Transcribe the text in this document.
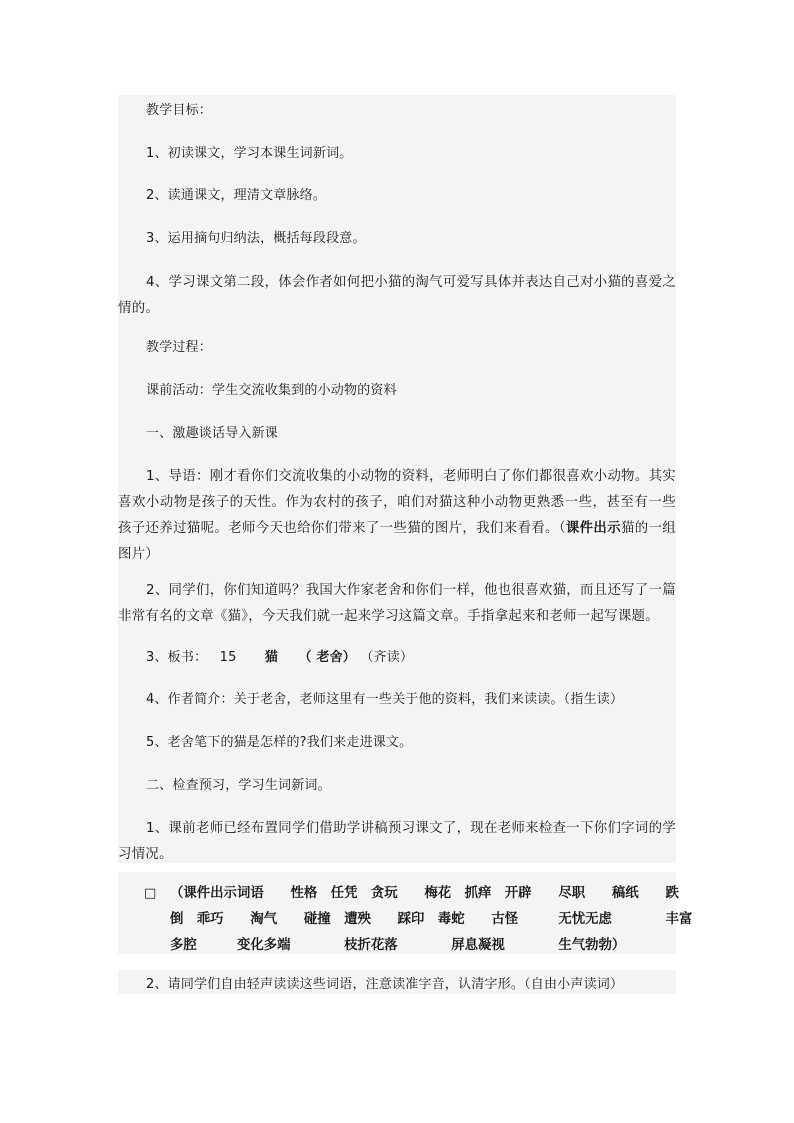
教学目标：
1、初读课文，学习本课生词新词。
2、读通课文，理清文章脉络。
3、运用摘句归纳法，概括每段段意。
4、学习课文第二段，体会作者如何把小猫的淘气可爱写具体并表达自己对小猫的喜爱之情的。
教学过程：
课前活动：学生交流收集到的小动物的资料
一、激趣谈话导入新课
1、导语：刚才看你们交流收集的小动物的资料，老师明白了你们都很喜欢小动物。其实喜欢小动物是孩子的天性。作为农村的孩子，咱们对猫这种小动物更熟悉一些，甚至有一些孩子还养过猫呢。老师今天也给你们带来了一些猫的图片，我们来看看。（课件出示猫的一组图片）
2、同学们，你们知道吗？我国大作家老舍和你们一样，他也很喜欢猫，而且还写了一篇非常有名的文章《猫》，今天我们就一起来学习这篇文章。手指拿起来和老师一起写课题。
3、板书： 15 猫 （ 老舍） （齐读）
4、作者简介：关于老舍，老师这里有一些关于他的资料，我们来读读。（指生读）
5、老舍笔下的猫是怎样的?我们来走进课文。
二、检查预习，学习生词新词。
1、课前老师已经布置同学们借助学讲稿预习课文了，现在老师来检查一下你们字词的学习情况。
□ （课件出示词语　　性格　任凭　贪玩　　梅花　抓痒　开辟　　尽职　　稿纸　　跌
倒　乖巧　　淘气　　碰撞　遭殃　　踩印　毒蛇　　古怪　　　无忧无虑　　　　丰富
多腔　　　变化多端　　　　枝折花落　　　　屏息凝视　　　　生气勃勃）
2、请同学们自由轻声读读这些词语，注意读准字音，认清字形。（自由小声读词）
